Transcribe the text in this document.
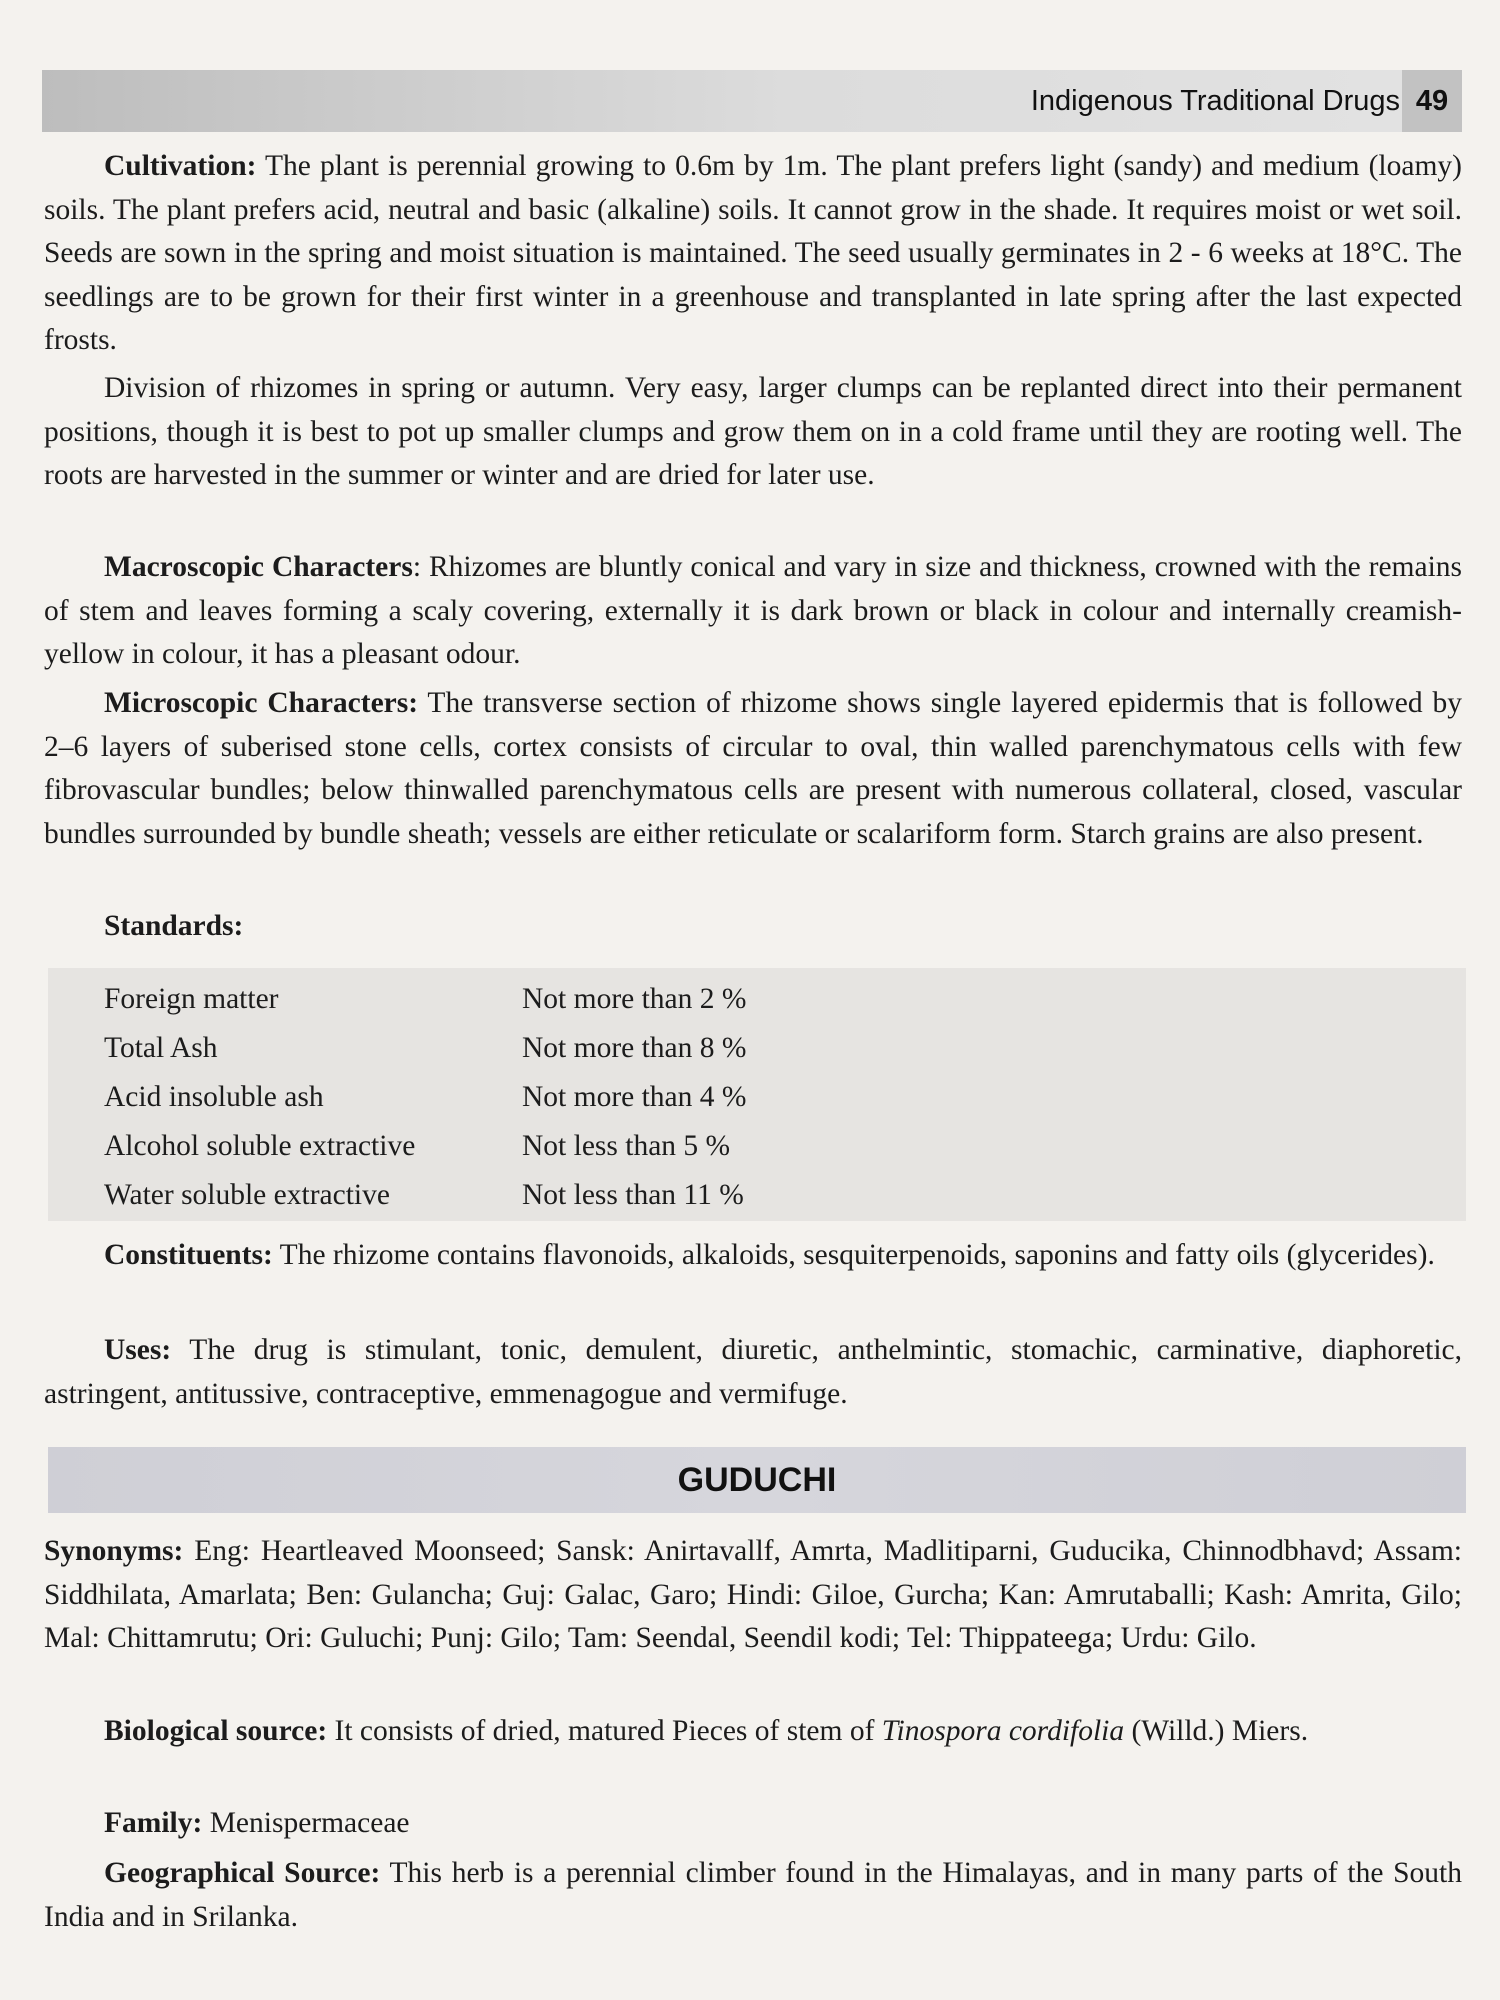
Indigenous Traditional Drugs 49

Cultivation: The plant is perennial growing to 0.6m by 1m. The plant prefers light (sandy) and medium (loamy) soils. The plant prefers acid, neutral and basic (alkaline) soils. It cannot grow in the shade. It requires moist or wet soil. Seeds are sown in the spring and moist situation is maintained. The seed usually germinates in 2 - 6 weeks at 18°C. The seedlings are to be grown for their first winter in a greenhouse and transplanted in late spring after the last expected frosts.

Division of rhizomes in spring or autumn. Very easy, larger clumps can be replanted direct into their permanent positions, though it is best to pot up smaller clumps and grow them on in a cold frame until they are rooting well. The roots are harvested in the summer or winter and are dried for later use.

Macroscopic Characters: Rhizomes are bluntly conical and vary in size and thickness, crowned with the remains of stem and leaves forming a scaly covering, externally it is dark brown or black in colour and internally creamish-yellow in colour, it has a pleasant odour.

Microscopic Characters: The transverse section of rhizome shows single layered epidermis that is followed by 2–6 layers of suberised stone cells, cortex consists of circular to oval, thin walled parenchymatous cells with few fibrovascular bundles; below thinwalled parenchymatous cells are present with numerous collateral, closed, vascular bundles surrounded by bundle sheath; vessels are either reticulate or scalariform form. Starch grains are also present.

Standards:

Foreign matter	Not more than 2 %
Total Ash	Not more than 8 %
Acid insoluble ash	Not more than 4 %
Alcohol soluble extractive	Not less than 5 %
Water soluble extractive	Not less than 11 %

Constituents: The rhizome contains flavonoids, alkaloids, sesquiterpenoids, saponins and fatty oils (glycerides).

Uses: The drug is stimulant, tonic, demulent, diuretic, anthelmintic, stomachic, carminative, diaphoretic, astringent, antitussive, contraceptive, emmenagogue and vermifuge.

GUDUCHI

Synonyms: Eng: Heartleaved Moonseed; Sansk: Anirtavallf, Amrta, Madlitiparni, Guducika, Chinnodbhavd; Assam: Siddhilata, Amarlata; Ben: Gulancha; Guj: Galac, Garo; Hindi: Giloe, Gurcha; Kan: Amrutaballi; Kash: Amrita, Gilo; Mal: Chittamrutu; Ori: Guluchi; Punj: Gilo; Tam: Seendal, Seendil kodi; Tel: Thippateega; Urdu: Gilo.

Biological source: It consists of dried, matured Pieces of stem of Tinospora cordifolia (Willd.) Miers.

Family: Menispermaceae

Geographical Source: This herb is a perennial climber found in the Himalayas, and in many parts of the South India and in Srilanka.
